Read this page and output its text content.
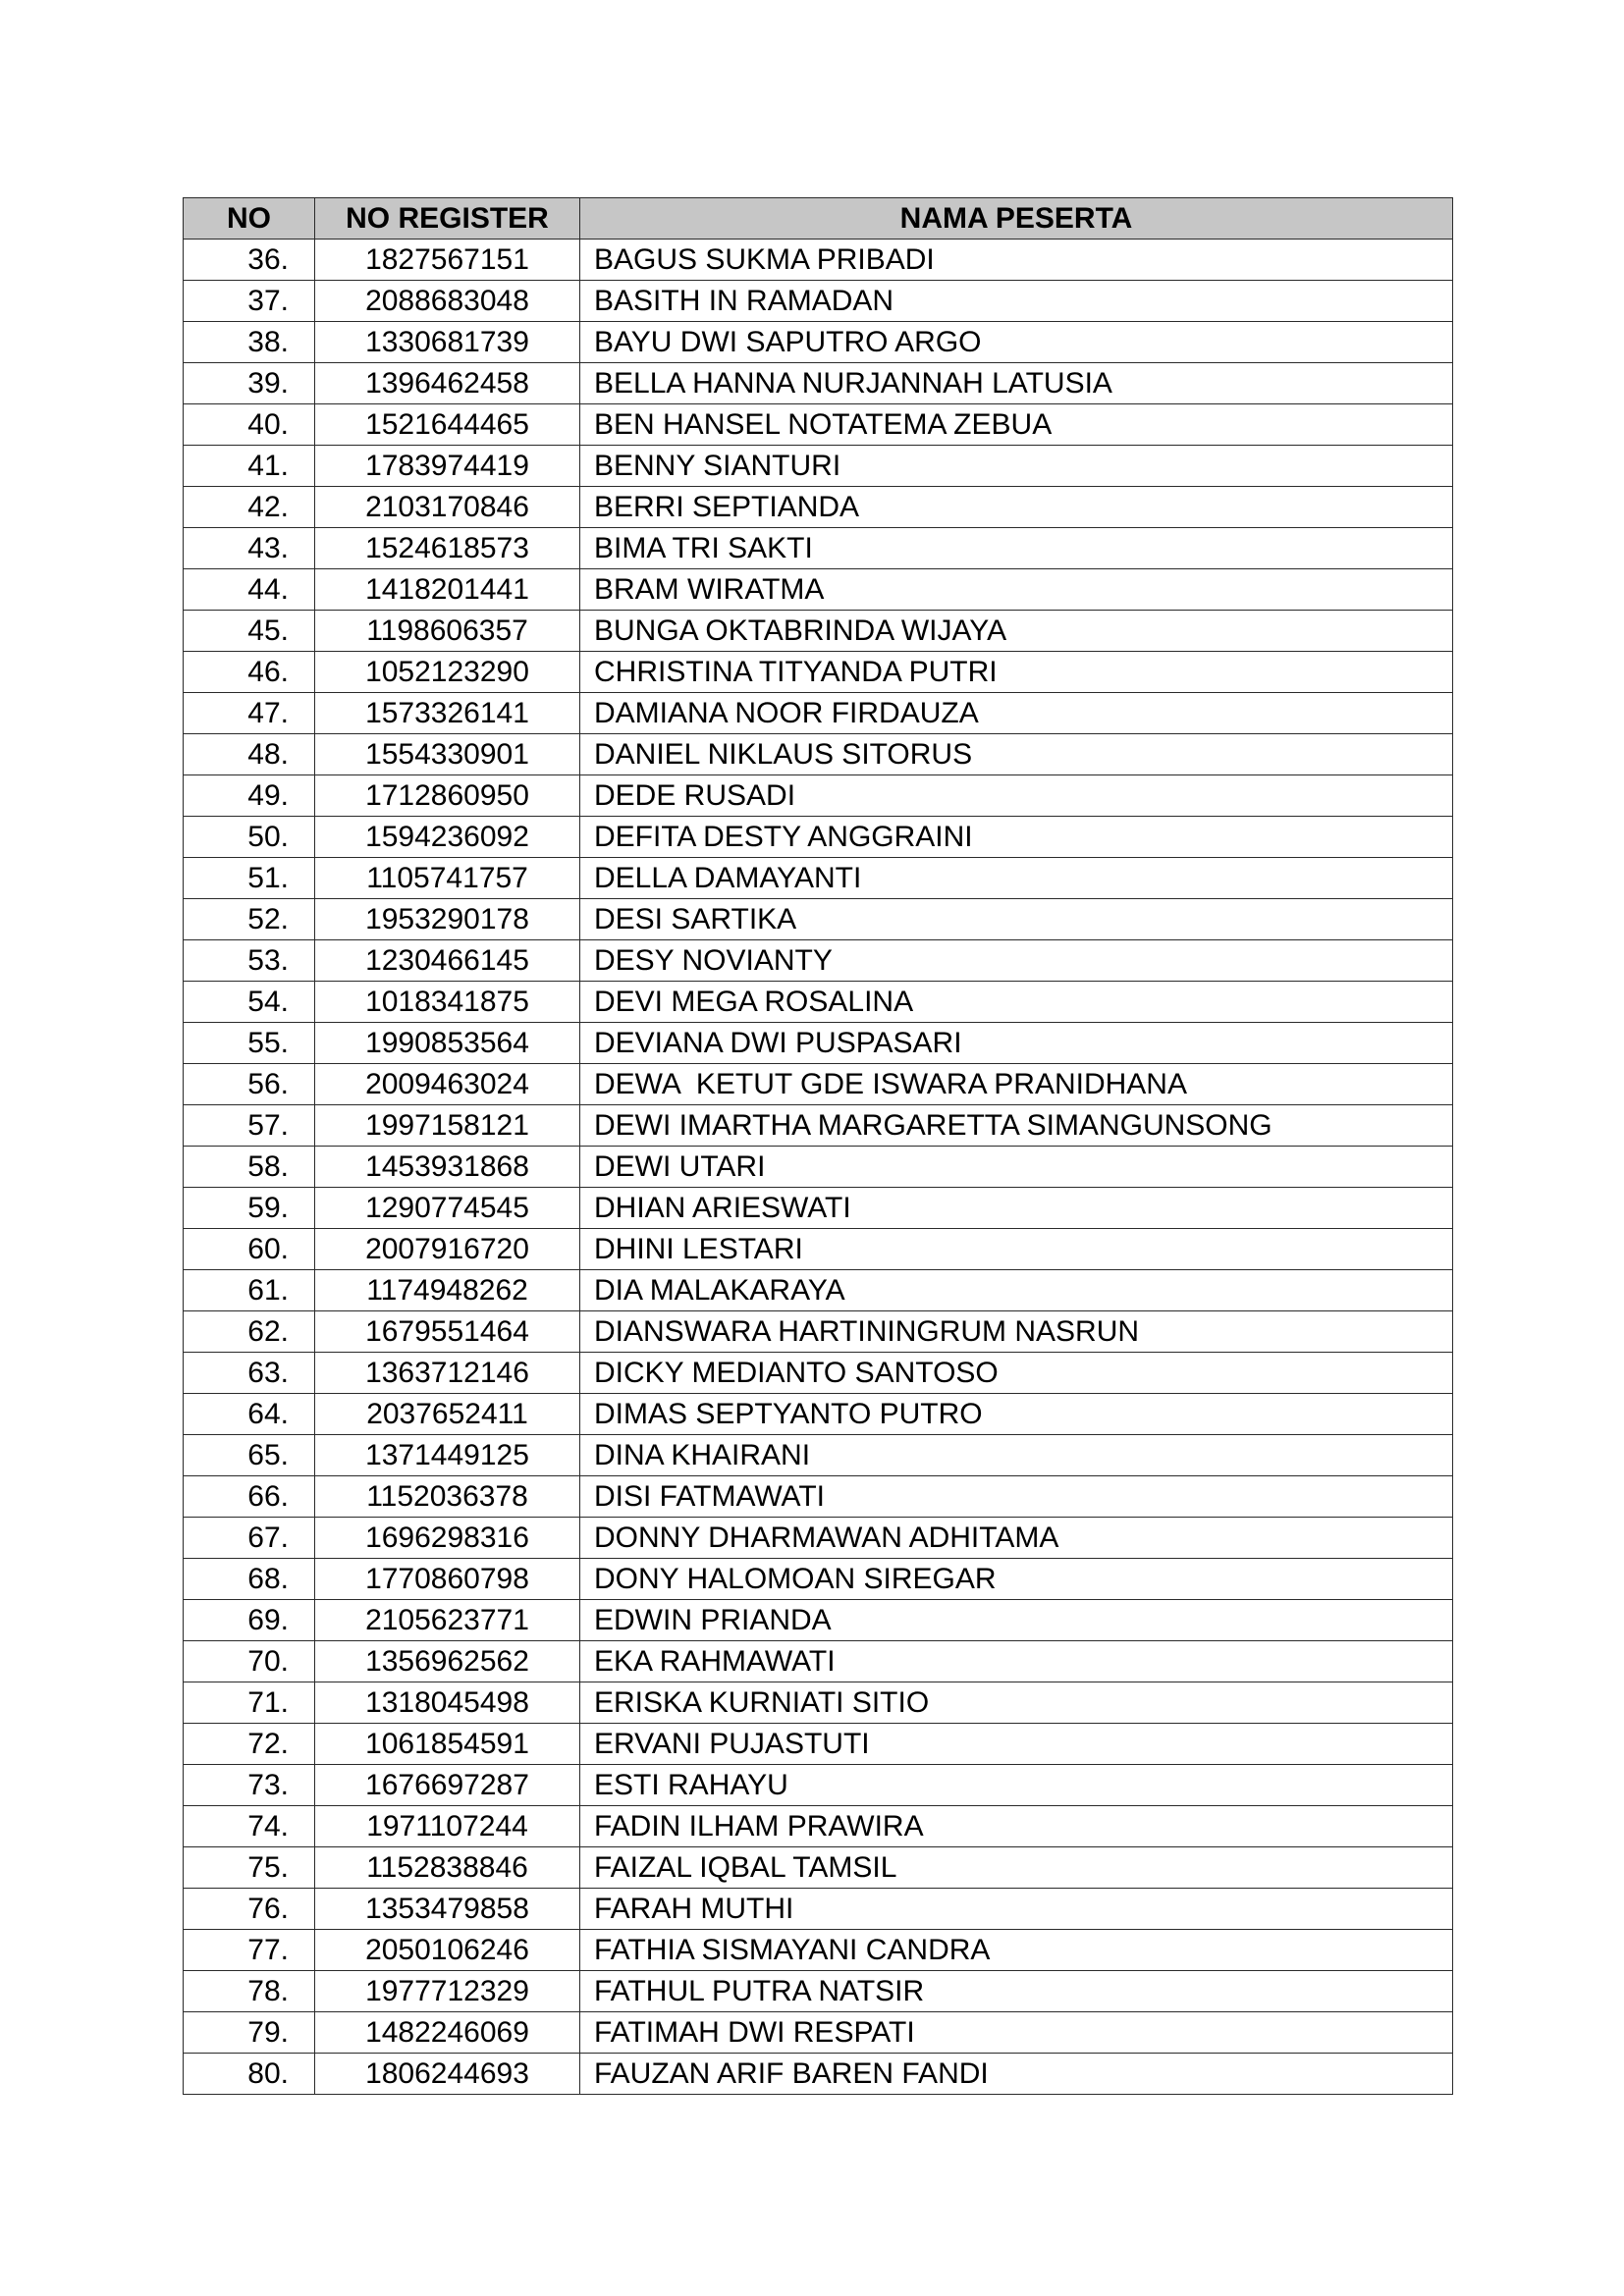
NO	NO REGISTER	NAMA PESERTA
36.	1827567151	BAGUS SUKMA PRIBADI
37.	2088683048	BASITH IN RAMADAN
38.	1330681739	BAYU DWI SAPUTRO ARGO
39.	1396462458	BELLA HANNA NURJANNAH LATUSIA
40.	1521644465	BEN HANSEL NOTATEMA ZEBUA
41.	1783974419	BENNY SIANTURI
42.	2103170846	BERRI SEPTIANDA
43.	1524618573	BIMA TRI SAKTI
44.	1418201441	BRAM WIRATMA
45.	1198606357	BUNGA OKTABRINDA WIJAYA
46.	1052123290	CHRISTINA TITYANDA PUTRI
47.	1573326141	DAMIANA NOOR FIRDAUZA
48.	1554330901	DANIEL NIKLAUS SITORUS
49.	1712860950	DEDE RUSADI
50.	1594236092	DEFITA DESTY ANGGRAINI
51.	1105741757	DELLA DAMAYANTI
52.	1953290178	DESI SARTIKA
53.	1230466145	DESY NOVIANTY
54.	1018341875	DEVI MEGA ROSALINA
55.	1990853564	DEVIANA DWI PUSPASARI
56.	2009463024	DEWA  KETUT GDE ISWARA PRANIDHANA
57.	1997158121	DEWI IMARTHA MARGARETTA SIMANGUNSONG
58.	1453931868	DEWI UTARI
59.	1290774545	DHIAN ARIESWATI
60.	2007916720	DHINI LESTARI
61.	1174948262	DIA MALAKARAYA
62.	1679551464	DIANSWARA HARTININGRUM NASRUN
63.	1363712146	DICKY MEDIANTO SANTOSO
64.	2037652411	DIMAS SEPTYANTO PUTRO
65.	1371449125	DINA KHAIRANI
66.	1152036378	DISI FATMAWATI
67.	1696298316	DONNY DHARMAWAN ADHITAMA
68.	1770860798	DONY HALOMOAN SIREGAR
69.	2105623771	EDWIN PRIANDA
70.	1356962562	EKA RAHMAWATI
71.	1318045498	ERISKA KURNIATI SITIO
72.	1061854591	ERVANI PUJASTUTI
73.	1676697287	ESTI RAHAYU
74.	1971107244	FADIN ILHAM PRAWIRA
75.	1152838846	FAIZAL IQBAL TAMSIL
76.	1353479858	FARAH MUTHI
77.	2050106246	FATHIA SISMAYANI CANDRA
78.	1977712329	FATHUL PUTRA NATSIR
79.	1482246069	FATIMAH DWI RESPATI
80.	1806244693	FAUZAN ARIF BAREN FANDI
